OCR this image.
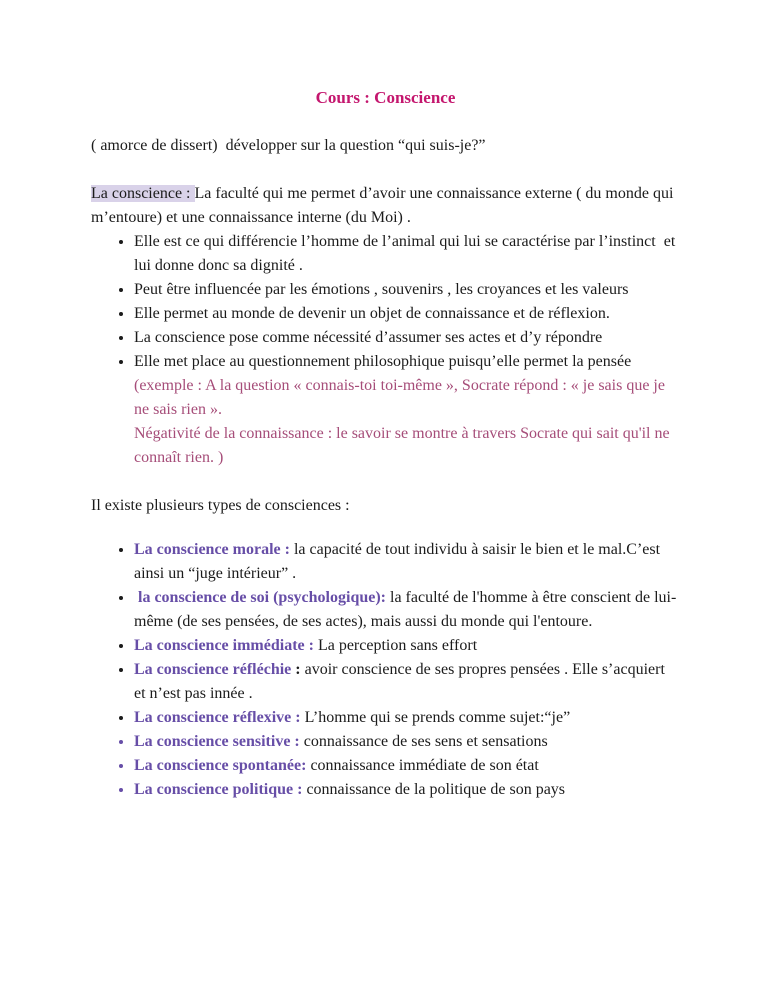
Cours : Conscience

( amorce de dissert)  développer sur la question “qui suis-je?”

La conscience : La faculté qui me permet d’avoir une connaissance externe ( du monde qui m’entoure) et une connaissance interne (du Moi) .

• Elle est ce qui différencie l’homme de l’animal qui lui se caractérise par l’instinct  et lui donne donc sa dignité .
• Peut être influencée par les émotions , souvenirs , les croyances et les valeurs
• Elle permet au monde de devenir un objet de connaissance et de réflexion.
• La conscience pose comme nécessité d’assumer ses actes et d’y répondre
• Elle met place au questionnement philosophique puisqu’elle permet la pensée (exemple : A la question « connais-toi toi-même », Socrate répond : « je sais que je ne sais rien ».
Négativité de la connaissance : le savoir se montre à travers Socrate qui sait qu'il ne connaît rien. )

Il existe plusieurs types de consciences :

• La conscience morale : la capacité de tout individu à saisir le bien et le mal.C’est ainsi un “juge intérieur” .
•  la conscience de soi (psychologique): la faculté de l'homme à être conscient de lui-même (de ses pensées, de ses actes), mais aussi du monde qui l'entoure.
• La conscience immédiate : La perception sans effort
• La conscience réfléchie : avoir conscience de ses propres pensées . Elle s’acquiert et n’est pas innée .
• La conscience réflexive : L’homme qui se prends comme sujet:“je”
• La conscience sensitive : connaissance de ses sens et sensations
• La conscience spontanée: connaissance immédiate de son état
• La conscience politique : connaissance de la politique de son pays
